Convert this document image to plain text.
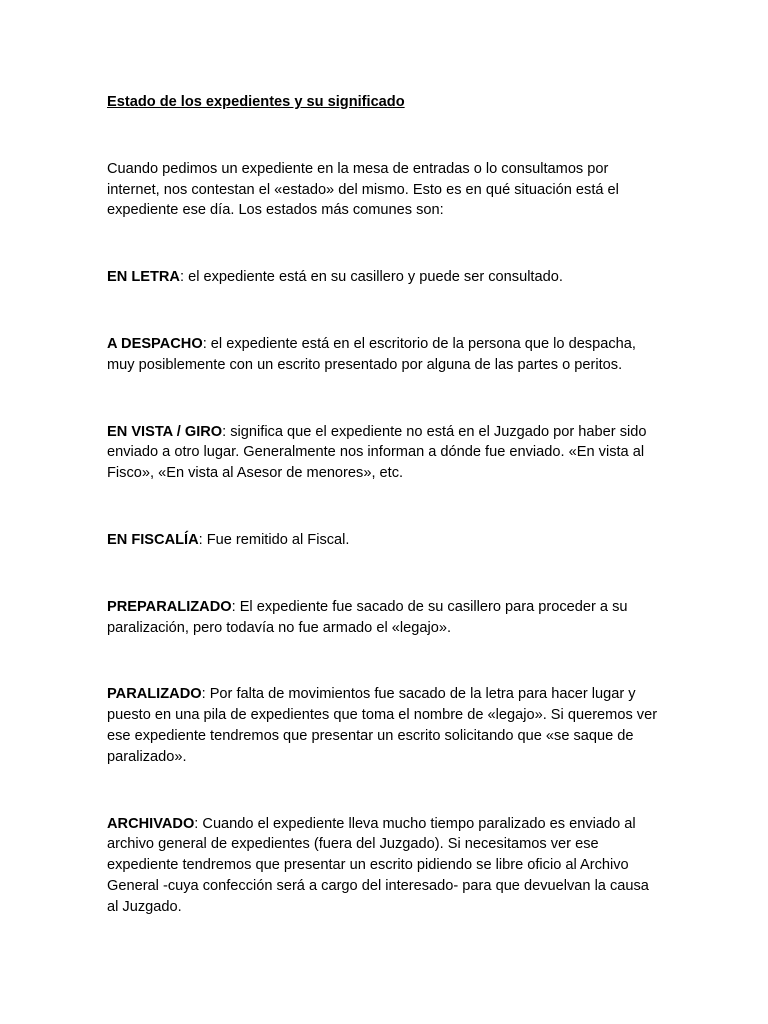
Estado de los expedientes y su significado

Cuando pedimos un expediente en la mesa de entradas o lo consultamos por internet, nos contestan el «estado» del mismo. Esto es en qué situación está el expediente ese día. Los estados más comunes son:

EN LETRA: el expediente está en su casillero y puede ser consultado.

A DESPACHO: el expediente está en el escritorio de la persona que lo despacha, muy posiblemente con un escrito presentado por alguna de las partes o peritos.

EN VISTA / GIRO: significa que el expediente no está en el Juzgado por haber sido enviado a otro lugar. Generalmente nos informan a dónde fue enviado. «En vista al Fisco», «En vista al Asesor de menores», etc.

EN FISCALÍA: Fue remitido al Fiscal.

PREPARALIZADO: El expediente fue sacado de su casillero para proceder a su paralización, pero todavía no fue armado el «legajo».

PARALIZADO: Por falta de movimientos fue sacado de la letra para hacer lugar y puesto en una pila de expedientes que toma el nombre de «legajo». Si queremos ver ese expediente tendremos que presentar un escrito solicitando que «se saque de paralizado».

ARCHIVADO: Cuando el expediente lleva mucho tiempo paralizado es enviado al archivo general de expedientes (fuera del Juzgado). Si necesitamos ver ese expediente tendremos que presentar un escrito pidiendo se libre oficio al Archivo General -cuya confección será a cargo del interesado- para que devuelvan la causa al Juzgado.
